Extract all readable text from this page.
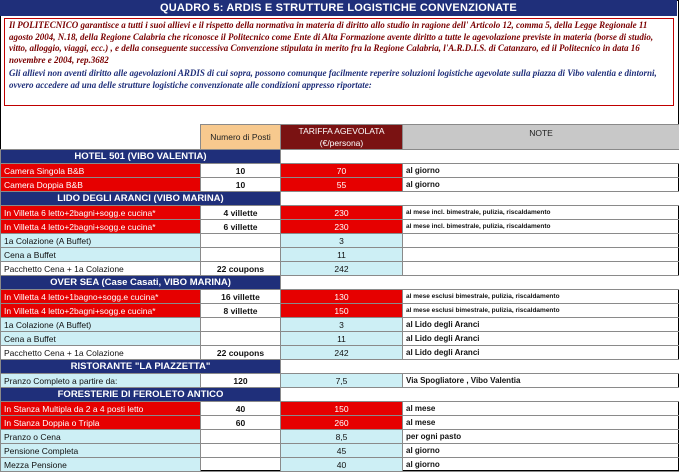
QUADRO 5: ARDIS E STRUTTURE LOGISTICHE CONVENZIONATE
Il POLITECNICO garantisce a tutti i suoi allievi e il rispetto della normativa in materia di diritto allo studio in ragione dell' Articolo 12, comma 5, della Legge Regionale 11 agosto 2004, N.18, della Regione Calabria che riconosce il Politecnico come Ente di Alta Formazione avente diritto a tutte le agevolazione previste in materia (borse di studio, vitto, alloggio, viaggi, ecc.) , e della conseguente successiva Convenzione stipulata in merito fra la Regione Calabria, l'A.R.D.I.S. di Catanzaro, ed il Politecnico in data 16 novembre e 2004, rep.3682
Gli allievi non aventi diritto alle agevolazioni ARDIS di cui sopra, possono comunque facilmente reperire soluzioni logistiche agevolate sulla piazza di Vibo valentia e dintorni, ovvero accedere ad una delle strutture logistiche convenzionate alle condizioni appresso riportate:
	Numero di Posti	TARIFFA AGEVOLATA (€/persona)	NOTE
HOTEL 501 (VIBO VALENTIA)			
Camera Singola B&B	10	70	al giorno
Camera Doppia B&B	10	55	al giorno
LIDO DEGLI ARANCI (VIBO MARINA)			
In Villetta 6 letto+2bagni+sogg.e cucina*	4 villette	230	al mese incl. bimestrale, pulizia, riscaldamento
In Villetta 4 letto+2bagni+sogg.e cucina*	6 villette	230	al mese incl. bimestrale, pulizia, riscaldamento
1a Colazione (A Buffet)		3	
Cena a Buffet		11	
Pacchetto Cena + 1a Colazione	22 coupons	242	
OVER SEA (Case Casati, VIBO MARINA)			
In Villetta 4 letto+1bagno+sogg.e cucina*	16 villette	130	al mese esclusi bimestrale, pulizia, riscaldamento
In Villetta 4 letto+2bagni+sogg.e cucina*	8 villette	150	al mese esclusi bimestrale, pulizia, riscaldamento
1a Colazione (A Buffet)		3	al Lido degli Aranci
Cena a Buffet		11	al Lido degli Aranci
Pacchetto Cena + 1a Colazione	22 coupons	242	al Lido degli Aranci
RISTORANTE "LA PIAZZETTA"			
Pranzo Completo a partire da:	120	7,5	Via Spogliatore , Vibo Valentia
FORESTERIE DI FEROLETO ANTICO			
In Stanza Multipla da 2 a 4 posti letto	40	150	al mese
In Stanza Doppia o Tripla	60	260	al mese
Pranzo o Cena		8,5	per ogni pasto
Pensione Completa		45	al giorno
Mezza Pensione		40	al giorno
